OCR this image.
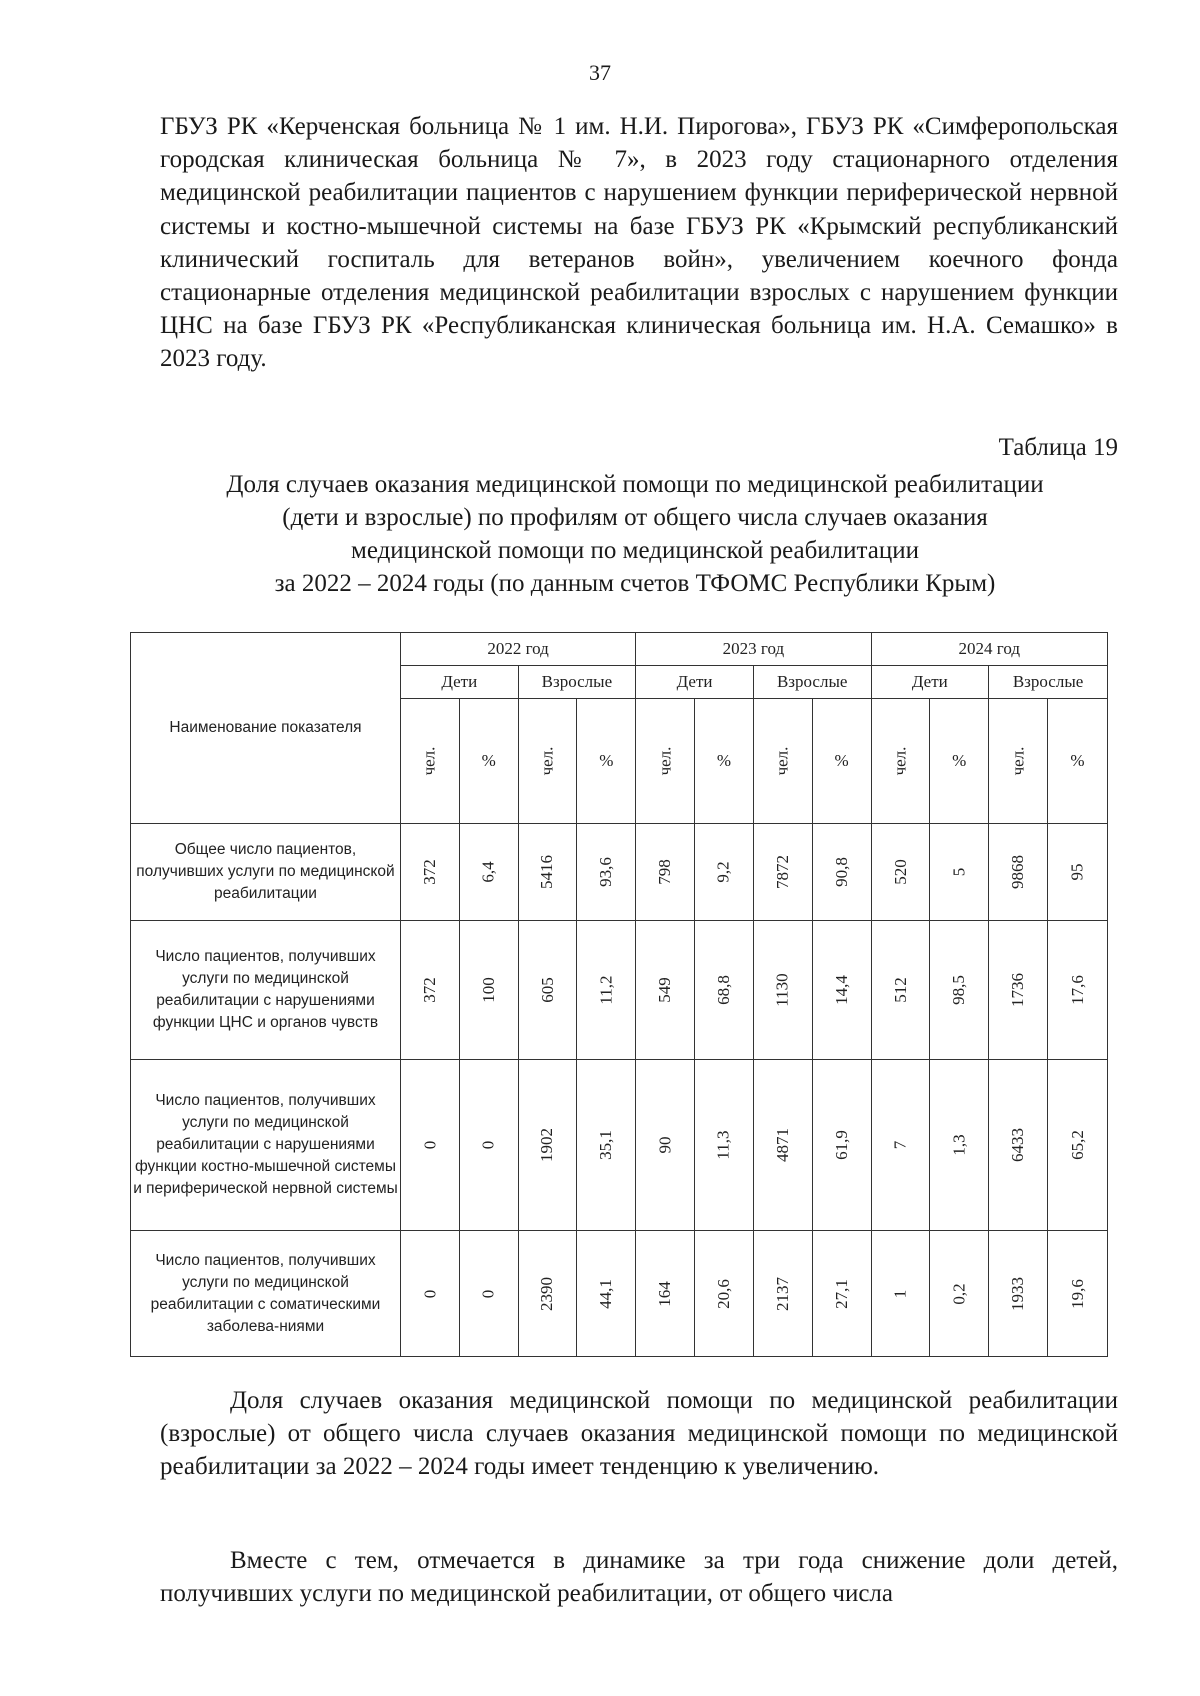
37

ГБУЗ РК «Керченская больница № 1 им. Н.И. Пирогова», ГБУЗ РК «Симферопольская городская клиническая больница № 7», в 2023 году стационарного отделения медицинской реабилитации пациентов с нарушением функции периферической нервной системы и костно-мышечной системы на базе ГБУЗ РК «Крымский республиканский клинический госпиталь для ветеранов войн», увеличением коечного фонда стационарные отделения медицинской реабилитации взрослых с нарушением функции ЦНС на базе ГБУЗ РК «Республиканская клиническая больница им. Н.А. Семашко» в 2023 году.

Таблица 19
Доля случаев оказания медицинской помощи по медицинской реабилитации
(дети и взрослые) по профилям от общего числа случаев оказания
медицинской помощи по медицинской реабилитации
за 2022 – 2024 годы (по данным счетов ТФОМС Республики Крым)
Наименование показателя	2022 год				2023 год				2024 год			
	Дети		Взрослые		Дети		Взрослые		Дети		Взрослые	
	чел.	%	чел.	%	чел.	%	чел.	%	чел.	%	чел.	%
Общее число пациентов, получивших услуги по медицинской реабилитации	372	6,4	5416	93,6	798	9,2	7872	90,8	520	5	9868	95
Число пациентов, получивших услуги по медицинской реабилитации с нарушениями функции ЦНС и органов чувств	372	100	605	11,2	549	68,8	1130	14,4	512	98,5	1736	17,6
Число пациентов, получивших услуги по медицинской реабилитации с нарушениями функции костно-мышечной системы и периферической нервной системы	0	0	1902	35,1	90	11,3	4871	61,9	7	1,3	6433	65,2
Число пациентов, получивших услуги по медицинской реабилитации с соматическими заболева-ниями	0	0	2390	44,1	164	20,6	2137	27,1	1	0,2	1933	19,6

Доля случаев оказания медицинской помощи по медицинской реабилитации (взрослые) от общего числа случаев оказания медицинской помощи по медицинской реабилитации за 2022 – 2024 годы имеет тенденцию к увеличению.

Вместе с тем, отмечается в динамике за три года снижение доли детей, получивших услуги по медицинской реабилитации, от общего числа
